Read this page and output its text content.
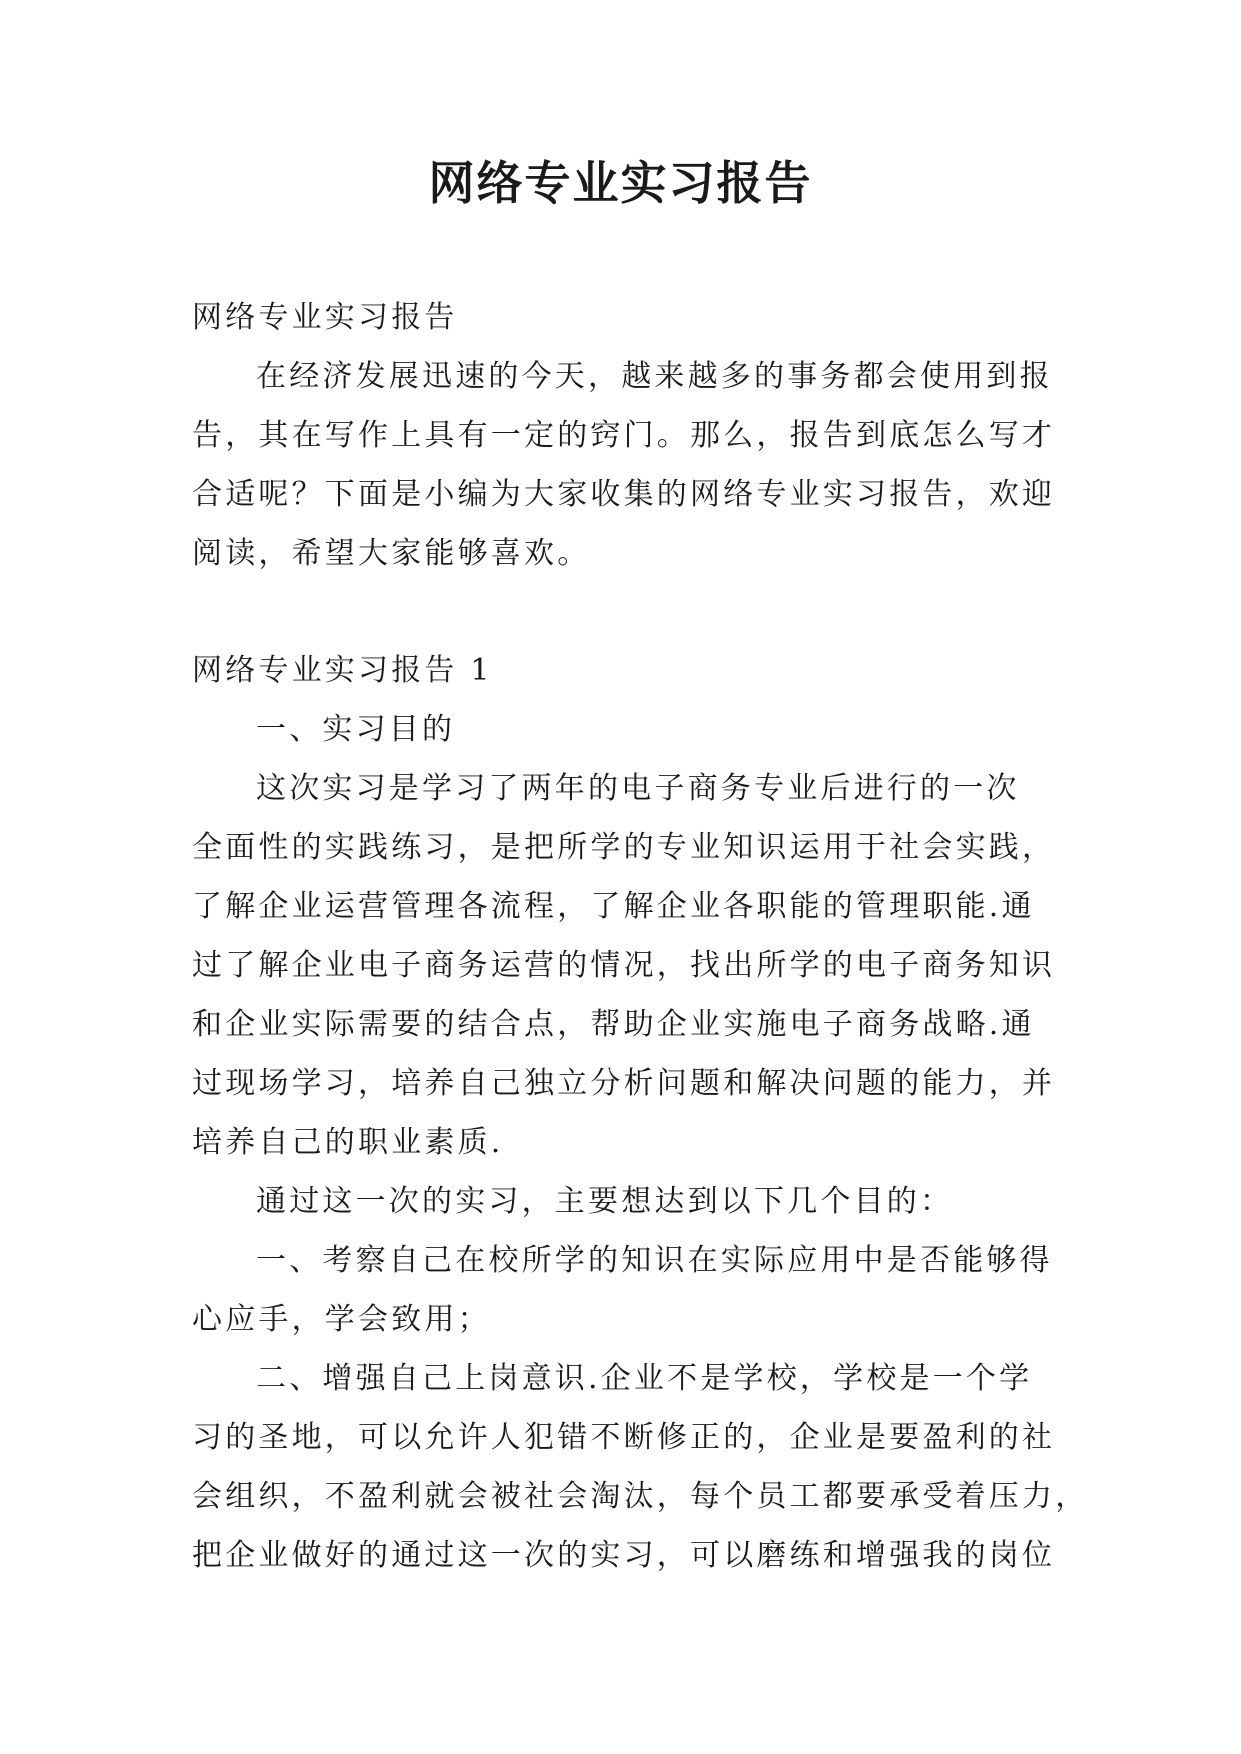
网络专业实习报告

网络专业实习报告

在经济发展迅速的今天，越来越多的事务都会使用到报

告，其在写作上具有一定的窍门。那么，报告到底怎么写才

合适呢？下面是小编为大家收集的网络专业实习报告，欢迎

阅读，希望大家能够喜欢。

网络专业实习报告 1

一、实习目的

这次实习是学习了两年的电子商务专业后进行的一次

全面性的实践练习，是把所学的专业知识运用于社会实践，

了解企业运营管理各流程，了解企业各职能的管理职能.通

过了解企业电子商务运营的情况，找出所学的电子商务知识

和企业实际需要的结合点，帮助企业实施电子商务战略.通

过现场学习，培养自己独立分析问题和解决问题的能力，并

培养自己的职业素质.

通过这一次的实习，主要想达到以下几个目的：

一、考察自己在校所学的知识在实际应用中是否能够得

心应手，学会致用；

二、增强自己上岗意识.企业不是学校，学校是一个学

习的圣地，可以允许人犯错不断修正的，企业是要盈利的社

会组织，不盈利就会被社会淘汰，每个员工都要承受着压力，

把企业做好的通过这一次的实习，可以磨练和增强我的岗位
